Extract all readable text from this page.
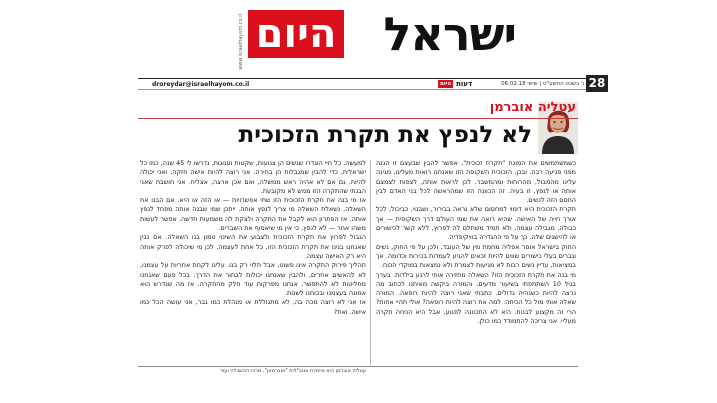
www.israelhayom.co.il היום ישראל
ו' בשבט התשע"ט | שישי 06.02.18
דעות
היום
droreydar@israelhayom.co.il	28
עטליה אוברמן
לא לנפץ את תקרת הזכוכית

כשמשתמשים את המונח "תקרת זכוכית", אפשר להבין שבעצם זו הגנה מפני פגיעה רבה. ובכן, הזכוכית השקופה הזו שאנחנו רואות מעלינו, מגינה עלינו מהמבול, מהרוחות ומהמשבר. לכן לראות אותה, לצפות לצמצם אותה או לנפץ, זו בעיה. זה הכוונה הזו שמהראשה לכל בני האדם לבין החסם הזה לנשים.

תקרת הזכוכית היא דימוי למחסום שלא נראה בבירור, ושבנוי, כביכול, לכל אורך חייה של האישה. שהיא רואה את שמי העולם דרך השקופית — אך כבולה, מגבילה עצמה, ולא תמיד משתלם לה לפרוץ, ללא קשר לכישורים או להישגים שלה. כך על פי ההגדרה בוויקיפדיה.

החוק בישראל אוסר אפליה מחמת מין של העובד, ולכן על פי החוק, נשים וגברים בעלי כישורים שווים להיות זכאים להגיע לעמדות בכירות וכדומה. אך במציאות, עדיין נשים רבות לא מגיעות לצמרת ולא נמצאות במוקדי הכוח.

מי בנה את תקרת הזכוכית הזו? השאלה מחזירה אותי לרגע בילדות. בערך בגיל 10 השתתפתי בשיעור מדעים, והמורה ביקשה מאיתנו לכתוב מה נרצה להיות כשנהיה גדולים. כתבתי שאני רוצה להיות רופאה. המורה שאלה אותי מול כל הכיתה: למה את רוצה להיות רופאה? אולי תהיי אחות? הרי זה מקצוע לבנות. היא לא התכוונה לפגוע, אבל היא הניחה תקרה מעליי. אני צריכה להתמודד כמו כולן.

למעשה, כל חיי הוגדרו שנשים הן צנועות, שקטות וענוגות. נדרשו לי 45 שנה, כמו כל ישראלית, כדי להבין שמגבלות הן בחירה. אני רוצה להיות אישה חזקה, ואני יכולה להיות. גם אם לא אהיה ראש ממשלה, ואם אכן ארצה, אצליח. אני חושבת שאני הבנתי שהתקרה הזו ממש לא מקובעת.

אז מי בנה את תקרת הזכוכית הזו שתי אפשרויות — או הזה או היא. אם הבנו את השאלה, נשאלת השאלה מי צריך לנפץ אותה. ייתכן שמי שבנה אותה מפחד לנפץ אותה. אז הפתרון הוא לקבל את התקרה ולצקת לה משמעות חדשה. אפשר לעשות משהו אחר — לא לנפץ, כי אין מי שיאסוף את השברים.

הגבול לפרוץ את תקרת הזכוכית ולצבוע את השינוי טמון בנו השאלה. אם נבין שאנחנו בנינו את תקרת הזכוכית הזו, כל אחת לעצמה, לכן מי שיכולה לפרק אותה היא רק האישה עצמה.

תהליך פירוק התקרה אינו פשוט, אבל תלוי רק בנו. עלינו לקחת אחריות על עצמנו, לא להאשים אחרים, ולהבין שאנחנו יכולות לבחור את הדרך. בכל פעם שאנחנו מחליטות לא להתפשר, אנחנו מפרקות עוד חלק מהתקרה. אז מה שנדרש הוא אמונה בעצמנו ובכוחנו לשנות.

אז אני לא רוצה מכה בה, לא מתגוללת או מנהלת כמו גבר, אני עושה הכל כמו אישה. ואת?

עטליה אוברמן היא מייסדת ומנכ"לית "אוברמאן", מרכז ההשכלה ועוד
